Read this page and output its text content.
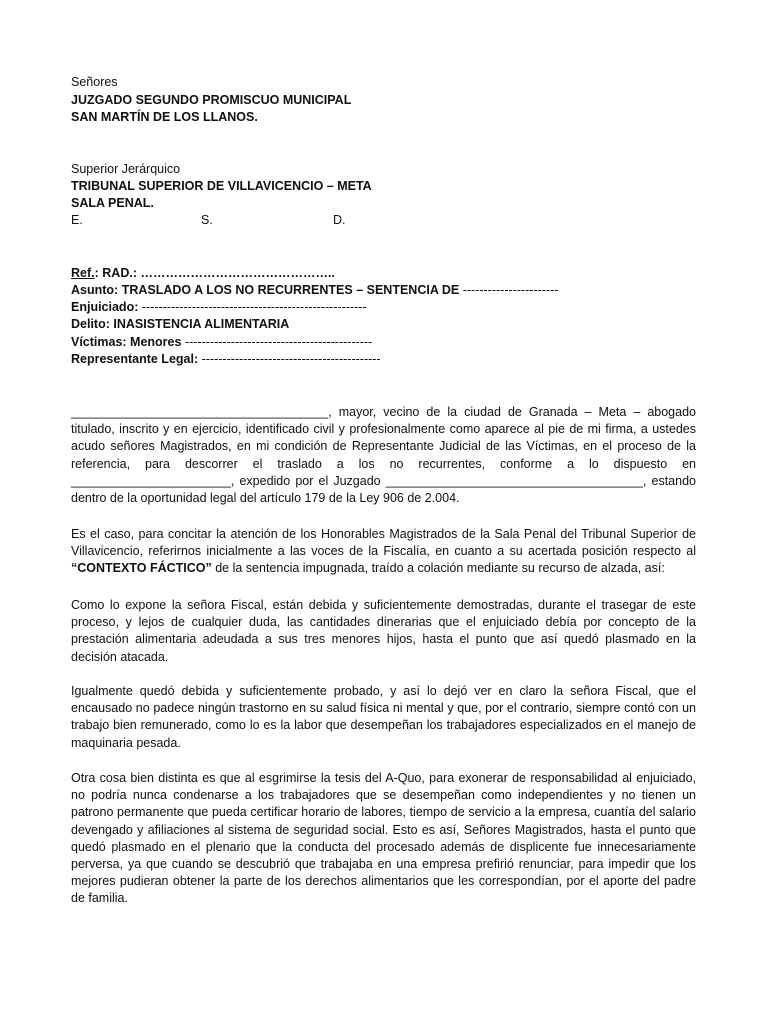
Señores
JUZGADO SEGUNDO PROMISCUO MUNICIPAL
SAN MARTÍN DE LOS LLANOS.
Superior Jerárquico
TRIBUNAL SUPERIOR DE VILLAVICENCIO – META
SALA PENAL.
E.	S.	D.
Ref.: RAD.: ………………………………………..
Asunto: TRASLADO A LOS NO RECURRENTES – SENTENCIA DE -----------------------
Enjuiciado: ------------------------------------------------------
Delito: INASISTENCIA ALIMENTARIA
Víctimas: Menores ---------------------------------------------
Representante Legal: -------------------------------------------
_____________________________________, mayor, vecino de la ciudad de Granada – Meta – abogado titulado, inscrito y en ejercicio, identificado civil y profesionalmente como aparece al pie de mi firma, a ustedes acudo señores Magistrados, en mi condición de Representante Judicial de las Víctimas, en el proceso de la referencia, para descorrer el traslado a los no recurrentes, conforme a lo dispuesto en _______________________, expedido por el Juzgado _____________________________________, estando dentro de la oportunidad legal del artículo 179 de la Ley 906 de 2.004.
Es el caso, para concitar la atención de los Honorables Magistrados de la Sala Penal del Tribunal Superior de Villavicencio, referirnos inicialmente a las voces de la Fiscalía, en cuanto a su acertada posición respecto al “CONTEXTO FÁCTICO” de la sentencia impugnada, traído a colación mediante su recurso de alzada, así:
Como lo expone la señora Fiscal, están debida y suficientemente demostradas, durante el trasegar de este proceso, y lejos de cualquier duda, las cantidades dinerarias que el enjuiciado debía por concepto de la prestación alimentaria adeudada a sus tres menores hijos, hasta el punto que así quedó plasmado en la decisión atacada.
Igualmente quedó debida y suficientemente probado, y así lo dejó ver en claro la señora Fiscal, que el encausado no padece ningún trastorno en su salud física ni mental y que, por el contrario, siempre contó con un trabajo bien remunerado, como lo es la labor que desempeñan los trabajadores especializados en el manejo de maquinaria pesada.
Otra cosa bien distinta es que al esgrimirse la tesis del A-Quo, para exonerar de responsabilidad al enjuiciado, no podría nunca condenarse a los trabajadores que se desempeñan como independientes y no tienen un patrono permanente que pueda certificar horario de labores, tiempo de servicio a la empresa, cuantía del salario devengado y afiliaciones al sistema de seguridad social. Esto es así, Señores Magistrados, hasta el punto que quedó plasmado en el plenario que la conducta del procesado además de displicente fue innecesariamente perversa, ya que cuando se descubrió que trabajaba en una empresa prefirió renunciar, para impedir que los mejores pudieran obtener la parte de los derechos alimentarios que les correspondían, por el aporte del padre de familia.
